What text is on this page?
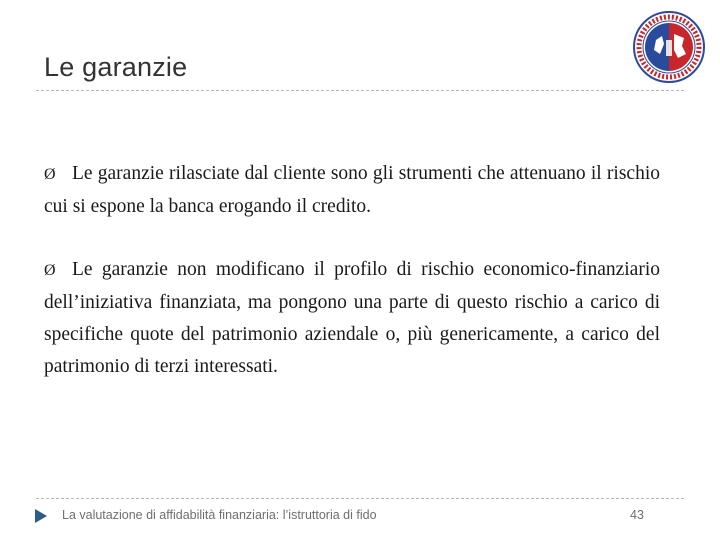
Le garanzie
Ø Le garanzie rilasciate dal cliente sono gli strumenti che attenuano il rischio cui si espone la banca erogando il credito.
Ø Le garanzie non modificano il profilo di rischio economico-finanziario dell’iniziativa finanziata, ma pongono una parte di questo rischio a carico di specifiche quote del patrimonio aziendale o, più genericamente, a carico del patrimonio di terzi interessati.
La valutazione di affidabilità finanziaria: l’istruttoria di fido	43
